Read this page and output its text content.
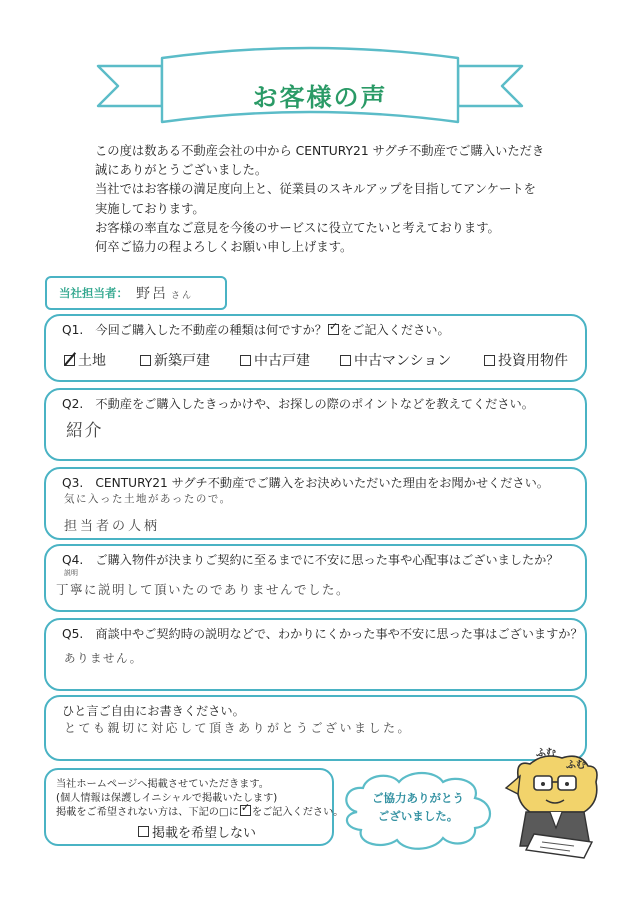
お客様の声
この度は数ある不動産会社の中から CENTURY21 サグチ不動産でご購入いただき
誠にありがとうございました。
当社ではお客様の満足度向上と、従業員のスキルアップを目指してアンケートを
実施しております。
お客様の率直なご意見を今後のサービスに役立てたいと考えております。
何卒ご協力の程よろしくお願い申し上げます。
当社担当者： 野呂 さん
Q1.　今回ご購入した不動産の種類は何ですか？ ✓ をご記入ください。
土地	新築戸建	中古戸建	中古マンション	投資用物件
Q2.　不動産をご購入したきっかけや、お探しの際のポイントなどを教えてください。
紹介
Q3.　CENTURY21 サグチ不動産でご購入をお決めいただいた理由をお聞かせください。
気に入った土地があったので。
担当者の人柄
Q4.　ご購入物件が決まりご契約に至るまでに不安に思った事や心配事はございましたか？
説明
丁寧に説明して頂いたのでありませんでした。
Q5.　商談中やご契約時の説明などで、わかりにくかった事や不安に思った事はございますか？
ありません。
ひと言ご自由にお書きください。
とても親切に対応して頂きありがとうございました。
当社ホームページへ掲載させていただきます。
(個人情報は保護しイニシャルで掲載いたします)
掲載をご希望されない方は、下記の□に ✓ をご記入ください。
掲載を希望しない
ご協力ありがとう
ございました。
ふむ
ふむ
